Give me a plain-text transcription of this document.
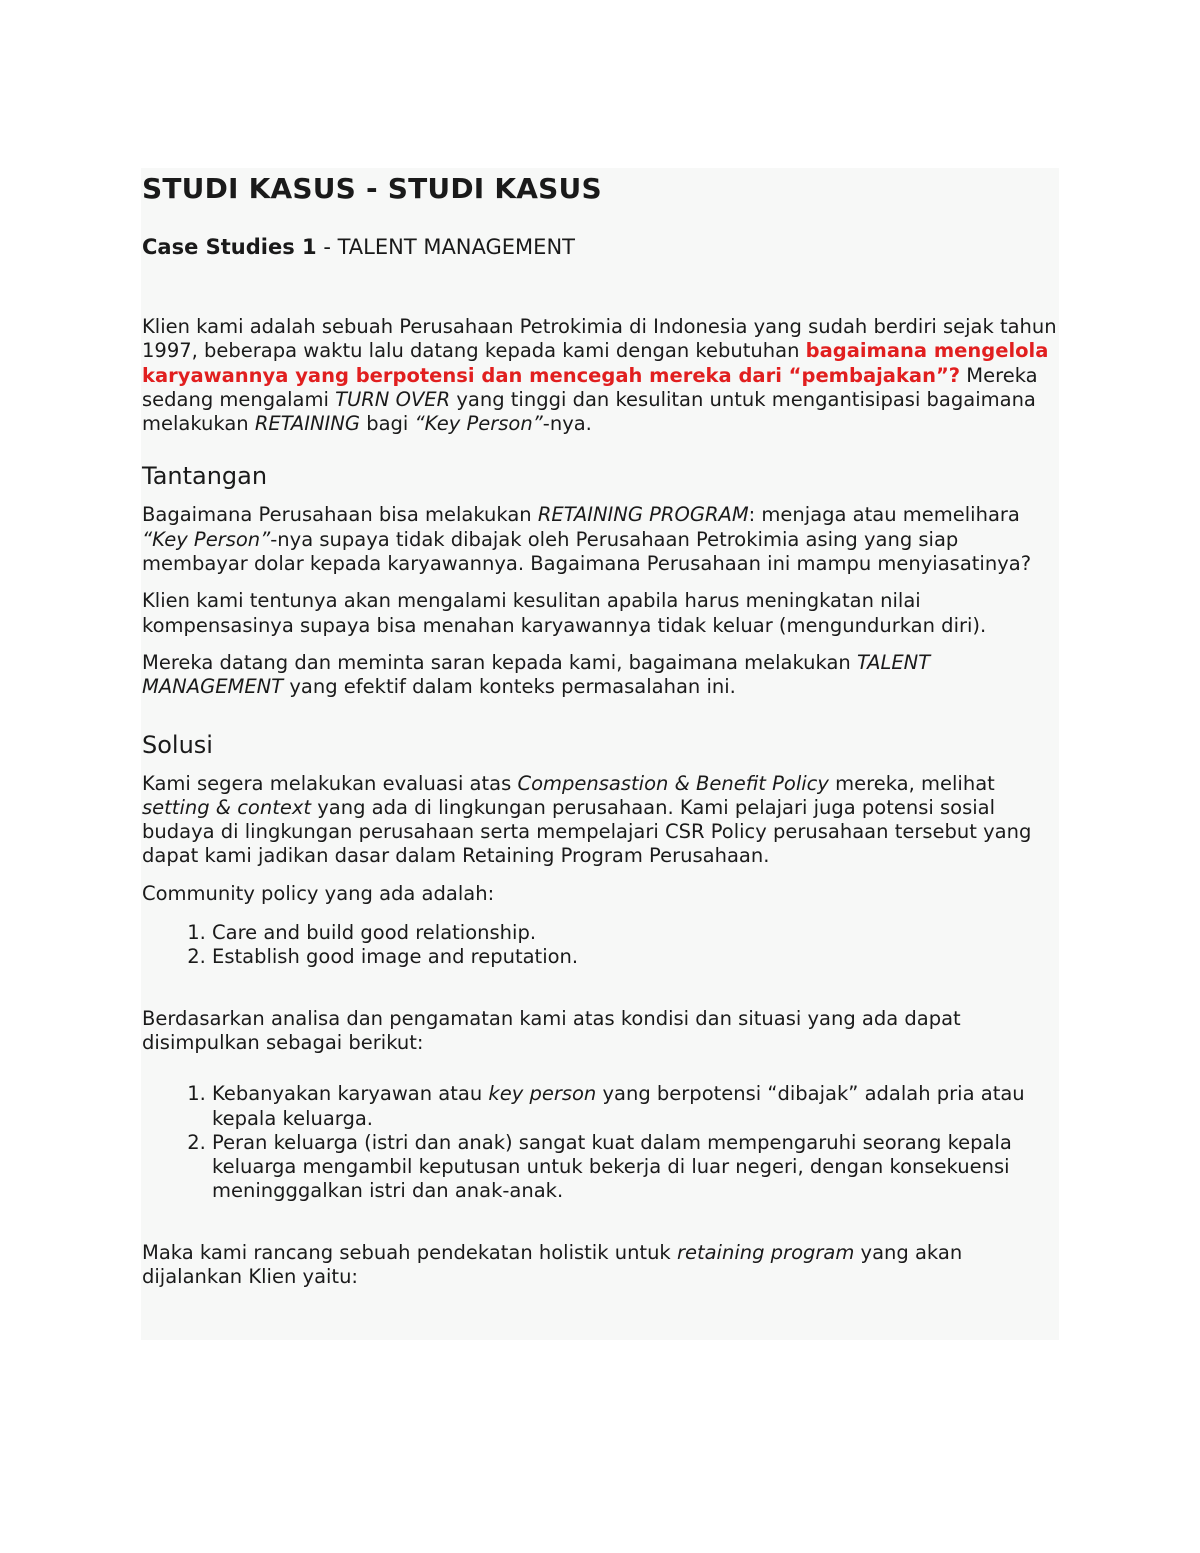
STUDI KASUS - STUDI KASUS
Case Studies 1 - TALENT MANAGEMENT

Klien kami adalah sebuah Perusahaan Petrokimia di Indonesia yang sudah berdiri sejak tahun 1997, beberapa waktu lalu datang kepada kami dengan kebutuhan bagaimana mengelola karyawannya yang berpotensi dan mencegah mereka dari “pembajakan”? Mereka sedang mengalami TURN OVER yang tinggi dan kesulitan untuk mengantisipasi bagaimana melakukan RETAINING bagi “Key Person”-nya.

Tantangan

Bagaimana Perusahaan bisa melakukan RETAINING PROGRAM: menjaga atau memelihara “Key Person”-nya supaya tidak dibajak oleh Perusahaan Petrokimia asing yang siap membayar dolar kepada karyawannya. Bagaimana Perusahaan ini mampu menyiasatinya?

Klien kami tentunya akan mengalami kesulitan apabila harus meningkatan nilai kompensasinya supaya bisa menahan karyawannya tidak keluar (mengundurkan diri).

Mereka datang dan meminta saran kepada kami, bagaimana melakukan TALENT MANAGEMENT yang efektif dalam konteks permasalahan ini.

Solusi

Kami segera melakukan evaluasi atas Compensastion & Benefit Policy mereka, melihat setting & context yang ada di lingkungan perusahaan. Kami pelajari juga potensi sosial budaya di lingkungan perusahaan serta mempelajari CSR Policy perusahaan tersebut yang dapat kami jadikan dasar dalam Retaining Program Perusahaan.

Community policy yang ada adalah:

1. Care and build good relationship.
2. Establish good image and reputation.

Berdasarkan analisa dan pengamatan kami atas kondisi dan situasi yang ada dapat disimpulkan sebagai berikut:

1. Kebanyakan karyawan atau key person yang berpotensi “dibajak” adalah pria atau kepala keluarga.
2. Peran keluarga (istri dan anak) sangat kuat dalam mempengaruhi seorang kepala keluarga mengambil keputusan untuk bekerja di luar negeri, dengan konsekuensi meningggalkan istri dan anak-anak.

Maka kami rancang sebuah pendekatan holistik untuk retaining program yang akan dijalankan Klien yaitu:
